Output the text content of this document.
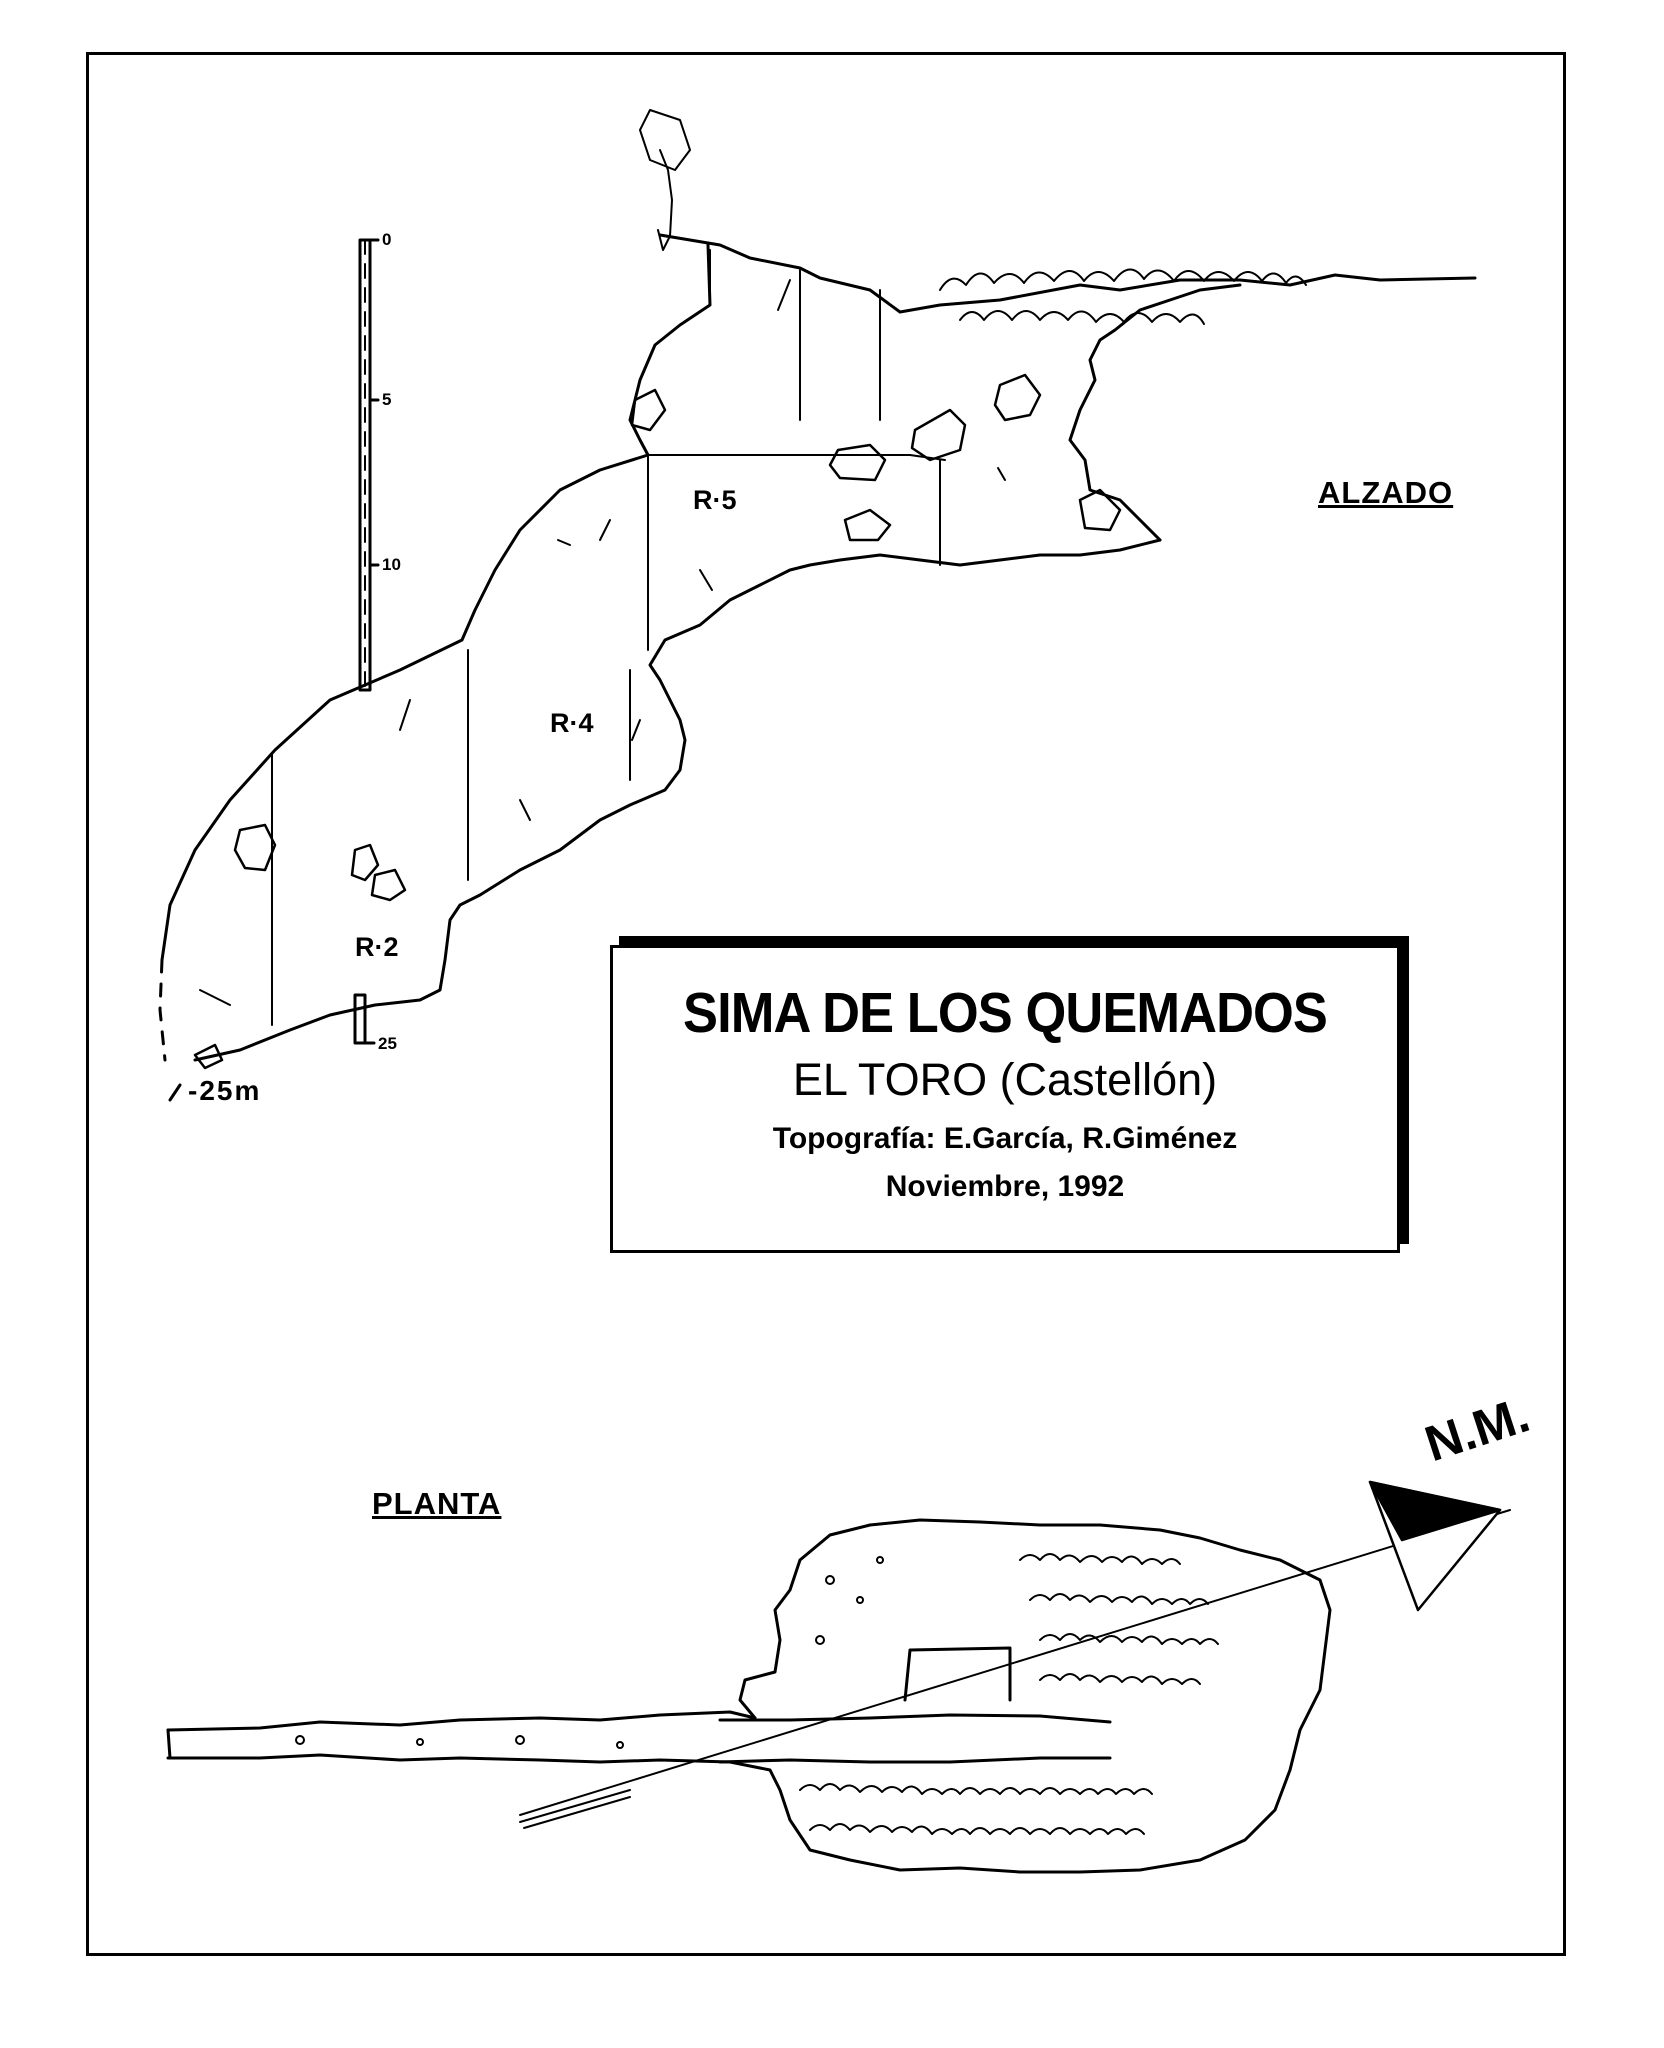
0
5
10
25
-25m
R·5
R·4
R·2
ALZADO
PLANTA
N.M.
SIMA DE LOS QUEMADOS
EL TORO (Castellón)
Topografía: E.García, R.Giménez
Noviembre, 1992
